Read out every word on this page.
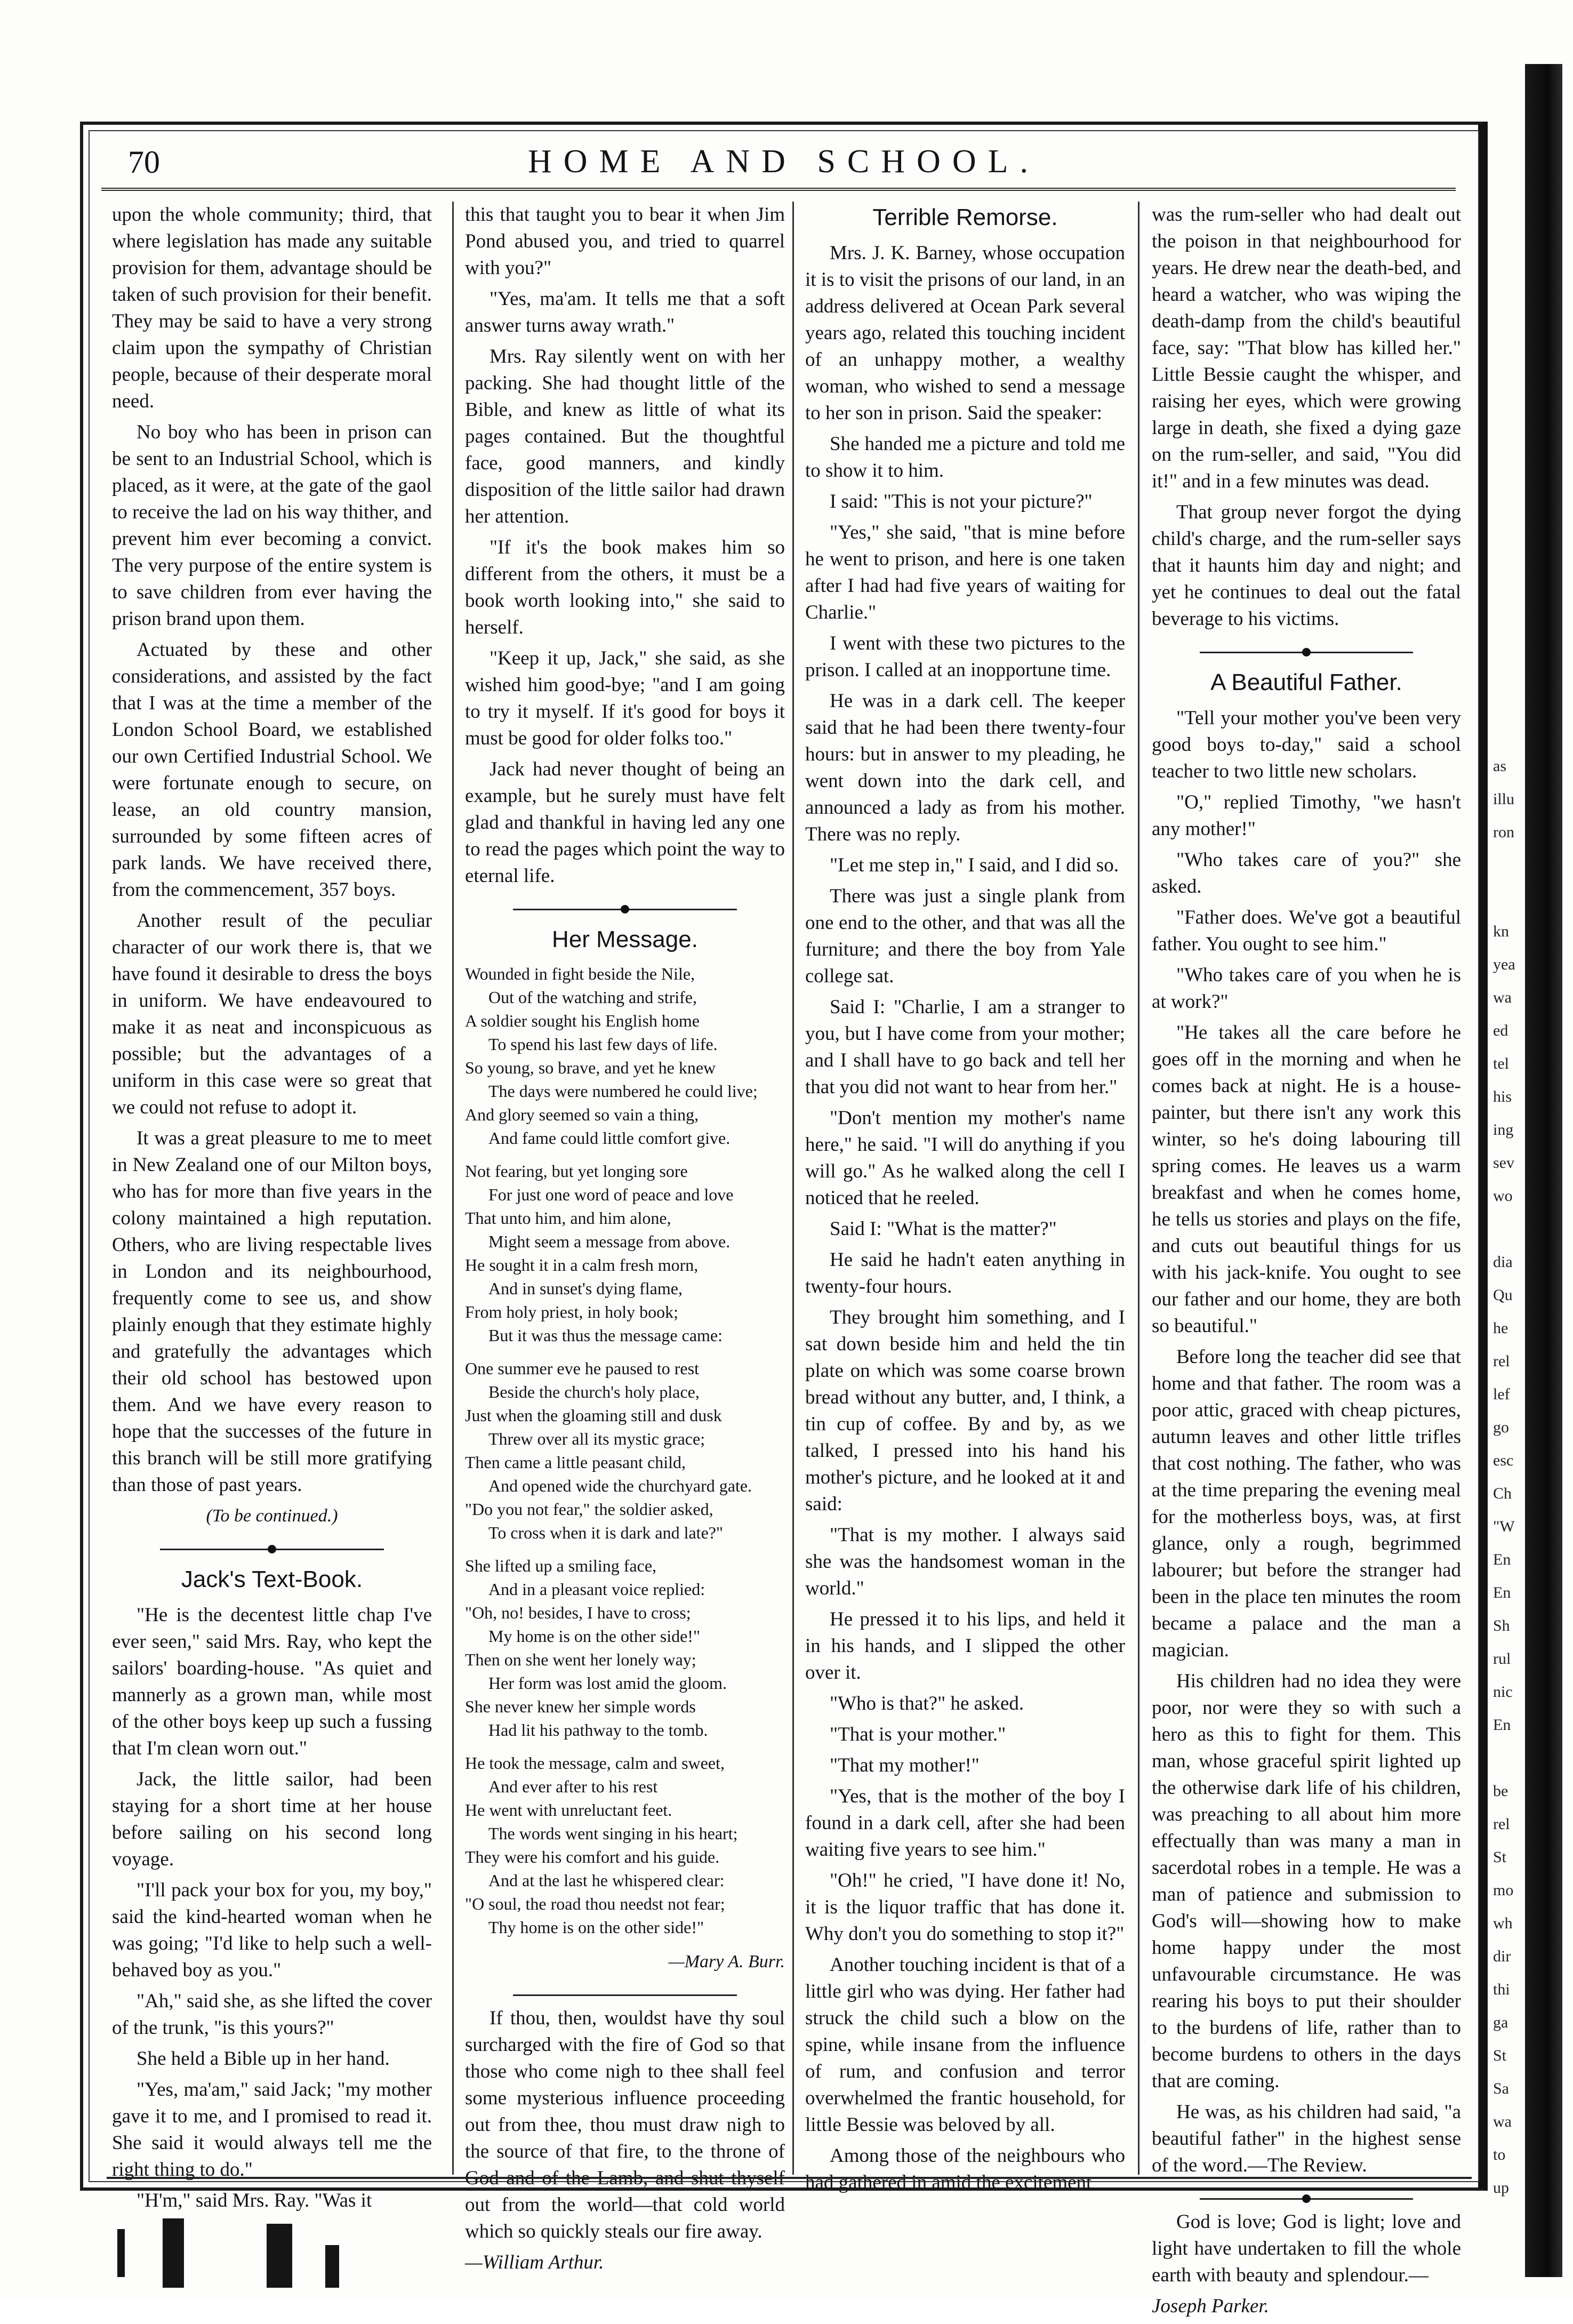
as
illu
ron
kn
yea
wa
ed
tel
his
ing
sev
wo
dia
Qu
he
rel
lef
go
esc
Ch
"W
En
En
Sh
rul
nic
En
be
rel
St
mo
wh
dir
thi
ga
St
Sa
wa
to
up
70	HOME AND SCHOOL.

upon the whole community; third, that where legislation has made any suitable provision for them, advantage should be taken of such provision for their benefit. They may be said to have a very strong claim upon the sympathy of Christian people, because of their desperate moral need.

No boy who has been in prison can be sent to an Industrial School, which is placed, as it were, at the gate of the gaol to receive the lad on his way thither, and prevent him ever becoming a convict. The very purpose of the entire system is to save children from ever having the prison brand upon them.

Actuated by these and other considerations, and assisted by the fact that I was at the time a member of the London School Board, we established our own Certified Industrial School. We were fortunate enough to secure, on lease, an old country mansion, surrounded by some fifteen acres of park lands. We have received there, from the commencement, 357 boys.

Another result of the peculiar character of our work there is, that we have found it desirable to dress the boys in uniform. We have endeavoured to make it as neat and inconspicuous as possible; but the advantages of a uniform in this case were so great that we could not refuse to adopt it.

It was a great pleasure to me to meet in New Zealand one of our Milton boys, who has for more than five years in the colony maintained a high reputation. Others, who are living respectable lives in London and its neighbourhood, frequently come to see us, and show plainly enough that they estimate highly and gratefully the advantages which their old school has bestowed upon them. And we have every reason to hope that the successes of the future in this branch will be still more gratifying than those of past years.

(To be continued.)

Jack's Text-Book.

"He is the decentest little chap I've ever seen," said Mrs. Ray, who kept the sailors' boarding-house. "As quiet and mannerly as a grown man, while most of the other boys keep up such a fussing that I'm clean worn out."

Jack, the little sailor, had been staying for a short time at her house before sailing on his second long voyage.

"I'll pack your box for you, my boy," said the kind-hearted woman when he was going; "I'd like to help such a well-behaved boy as you."

"Ah," said she, as she lifted the cover of the trunk, "is this yours?"

She held a Bible up in her hand.

"Yes, ma'am," said Jack; "my mother gave it to me, and I promised to read it. She said it would always tell me the right thing to do."

"H'm," said Mrs. Ray. "Was it

this that taught you to bear it when Jim Pond abused you, and tried to quarrel with you?"

"Yes, ma'am. It tells me that a soft answer turns away wrath."

Mrs. Ray silently went on with her packing. She had thought little of the Bible, and knew as little of what its pages contained. But the thoughtful face, good manners, and kindly disposition of the little sailor had drawn her attention.

"If it's the book makes him so different from the others, it must be a book worth looking into," she said to herself.

"Keep it up, Jack," she said, as she wished him good-bye; "and I am going to try it myself. If it's good for boys it must be good for older folks too."

Jack had never thought of being an example, but he surely must have felt glad and thankful in having led any one to read the pages which point the way to eternal life.

Her Message.
Wounded in fight beside the Nile,
Out of the watching and strife,
A soldier sought his English home
To spend his last few days of life.
So young, so brave, and yet he knew
The days were numbered he could live;
And glory seemed so vain a thing,
And fame could little comfort give.
Not fearing, but yet longing sore
For just one word of peace and love
That unto him, and him alone,
Might seem a message from above.
He sought it in a calm fresh morn,
And in sunset's dying flame,
From holy priest, in holy book;
But it was thus the message came:
One summer eve he paused to rest
Beside the church's holy place,
Just when the gloaming still and dusk
Threw over all its mystic grace;
Then came a little peasant child,
And opened wide the churchyard gate.
"Do you not fear," the soldier asked,
To cross when it is dark and late?"
She lifted up a smiling face,
And in a pleasant voice replied:
"Oh, no! besides, I have to cross;
My home is on the other side!"
Then on she went her lonely way;
Her form was lost amid the gloom.
She never knew her simple words
Had lit his pathway to the tomb.
He took the message, calm and sweet,
And ever after to his rest
He went with unreluctant feet.
The words went singing in his heart;
They were his comfort and his guide.
And at the last he whispered clear:
"O soul, the road thou needst not fear;
Thy home is on the other side!"

—Mary A. Burr.

If thou, then, wouldst have thy soul surcharged with the fire of God so that those who come nigh to thee shall feel some mysterious influence proceeding out from thee, thou must draw nigh to the source of that fire, to the throne of God and of the Lamb, and shut thyself out from the world—that cold world which so quickly steals our fire away.

—William Arthur.

Terrible Remorse.

Mrs. J. K. Barney, whose occupation it is to visit the prisons of our land, in an address delivered at Ocean Park several years ago, related this touching incident of an unhappy mother, a wealthy woman, who wished to send a message to her son in prison. Said the speaker:

She handed me a picture and told me to show it to him.

I said: "This is not your picture?"

"Yes," she said, "that is mine before he went to prison, and here is one taken after I had had five years of waiting for Charlie."

I went with these two pictures to the prison. I called at an inopportune time.

He was in a dark cell. The keeper said that he had been there twenty-four hours: but in answer to my pleading, he went down into the dark cell, and announced a lady as from his mother. There was no reply.

"Let me step in," I said, and I did so.

There was just a single plank from one end to the other, and that was all the furniture; and there the boy from Yale college sat.

Said I: "Charlie, I am a stranger to you, but I have come from your mother; and I shall have to go back and tell her that you did not want to hear from her."

"Don't mention my mother's name here," he said. "I will do anything if you will go." As he walked along the cell I noticed that he reeled.

Said I: "What is the matter?"

He said he hadn't eaten anything in twenty-four hours.

They brought him something, and I sat down beside him and held the tin plate on which was some coarse brown bread without any butter, and, I think, a tin cup of coffee. By and by, as we talked, I pressed into his hand his mother's picture, and he looked at it and said:

"That is my mother. I always said she was the handsomest woman in the world."

He pressed it to his lips, and held it in his hands, and I slipped the other over it.

"Who is that?" he asked.

"That is your mother."

"That my mother!"

"Yes, that is the mother of the boy I found in a dark cell, after she had been waiting five years to see him."

"Oh!" he cried, "I have done it! No, it is the liquor traffic that has done it. Why don't you do something to stop it?"

Another touching incident is that of a little girl who was dying. Her father had struck the child such a blow on the spine, while insane from the influence of rum, and confusion and terror overwhelmed the frantic household, for little Bessie was beloved by all.

Among those of the neighbours who had gathered in amid the excitement

was the rum-seller who had dealt out the poison in that neighbourhood for years. He drew near the death-bed, and heard a watcher, who was wiping the death-damp from the child's beautiful face, say: "That blow has killed her." Little Bessie caught the whisper, and raising her eyes, which were growing large in death, she fixed a dying gaze on the rum-seller, and said, "You did it!" and in a few minutes was dead.

That group never forgot the dying child's charge, and the rum-seller says that it haunts him day and night; and yet he continues to deal out the fatal beverage to his victims.

A Beautiful Father.

"Tell your mother you've been very good boys to-day," said a school teacher to two little new scholars.

"O," replied Timothy, "we hasn't any mother!"

"Who takes care of you?" she asked.

"Father does. We've got a beautiful father. You ought to see him."

"Who takes care of you when he is at work?"

"He takes all the care before he goes off in the morning and when he comes back at night. He is a house-painter, but there isn't any work this winter, so he's doing labouring till spring comes. He leaves us a warm breakfast and when he comes home, he tells us stories and plays on the fife, and cuts out beautiful things for us with his jack-knife. You ought to see our father and our home, they are both so beautiful."

Before long the teacher did see that home and that father. The room was a poor attic, graced with cheap pictures, autumn leaves and other little trifles that cost nothing. The father, who was at the time preparing the evening meal for the motherless boys, was, at first glance, only a rough, begrimmed labourer; but before the stranger had been in the place ten minutes the room became a palace and the man a magician.

His children had no idea they were poor, nor were they so with such a hero as this to fight for them. This man, whose graceful spirit lighted up the otherwise dark life of his children, was preaching to all about him more effectually than was many a man in sacerdotal robes in a temple. He was a man of patience and submission to God's will—showing how to make home happy under the most unfavourable circumstance. He was rearing his boys to put their shoulder to the burdens of life, rather than to become burdens to others in the days that are coming.

He was, as his children had said, "a beautiful father" in the highest sense of the word.—The Review.

God is love; God is light; love and light have undertaken to fill the whole earth with beauty and splendour.—

Joseph Parker.
